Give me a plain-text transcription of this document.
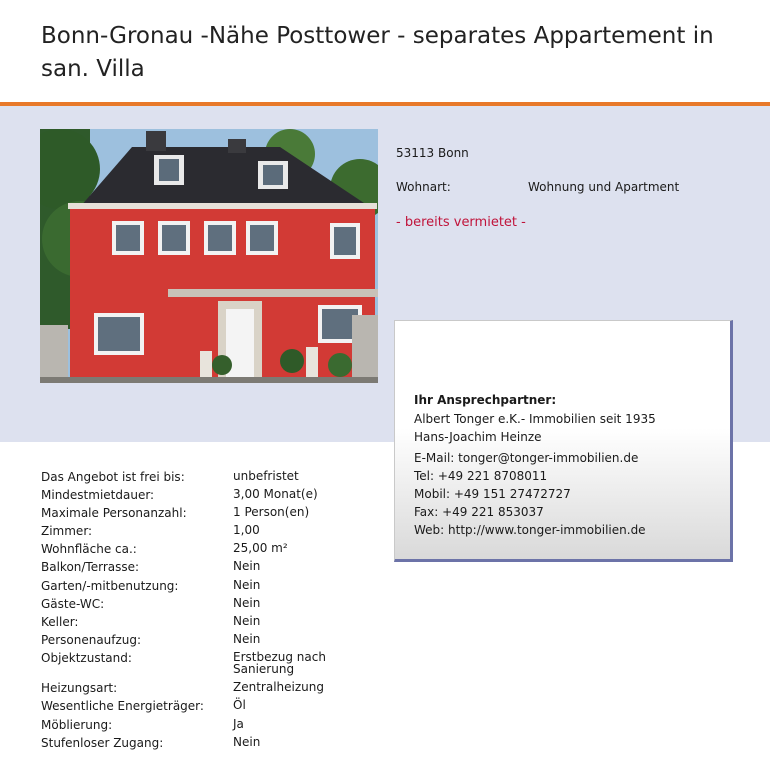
Bonn-Gronau -Nähe Posttower - separates Appartement in san. Villa
53113 Bonn
Wohnart:	Wohnung und Apartment
- bereits vermietet -
Ihr Ansprechpartner:
Albert Tonger e.K.- Immobilien seit 1935
Hans-Joachim Heinze
E-Mail: tonger@tonger-immobilien.de
Tel: +49 221 8708011
Mobil: +49 151 27472727
Fax: +49 221 853037
Web: http://www.tonger-immobilien.de
Das Angebot ist frei bis:	unbefristet
Mindestmietdauer:	3,00 Monat(e)
Maximale Personanzahl:	1 Person(en)
Zimmer:	1,00
Wohnfläche ca.:	25,00 m²
Balkon/Terrasse:	Nein
Garten/-mitbenutzung:	Nein
Gäste-WC:	Nein
Keller:	Nein
Personenaufzug:	Nein
Objektzustand:	Erstbezug nach Sanierung
Heizungsart:	Zentralheizung
Wesentliche Energieträger:	Öl
Möblierung:	Ja
Stufenloser Zugang:	Nein
